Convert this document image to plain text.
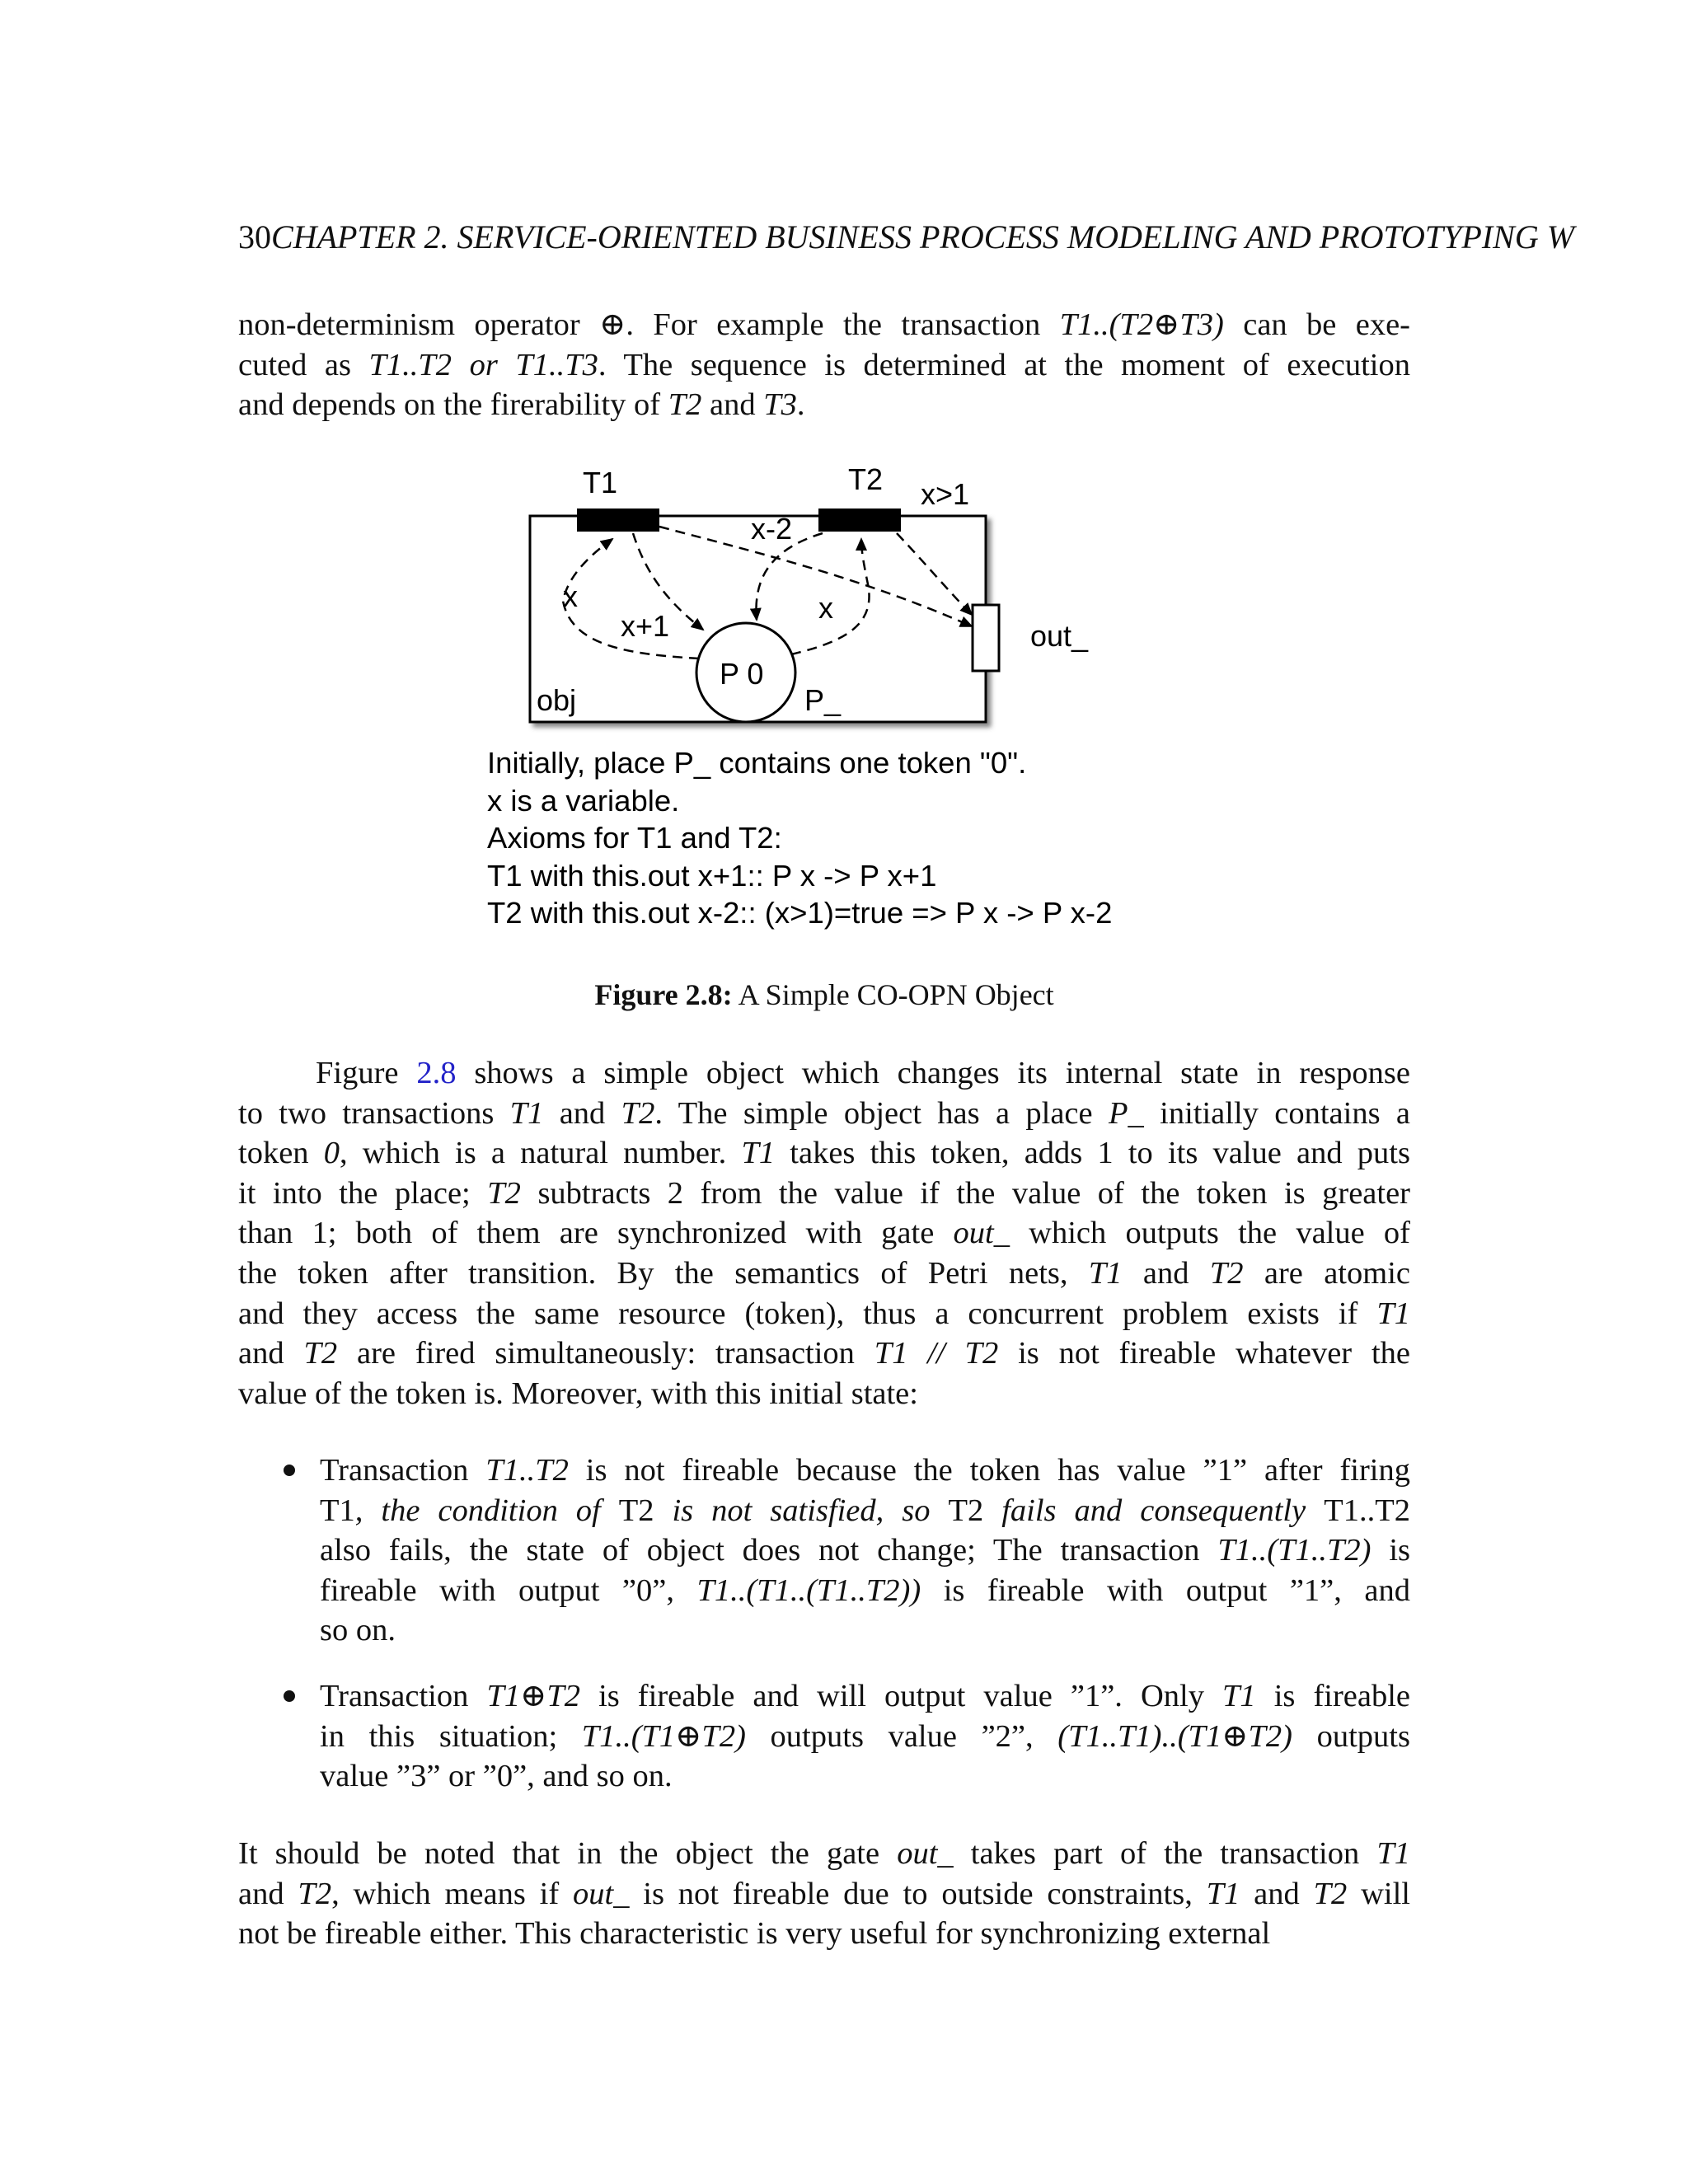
30CHAPTER 2. SERVICE-ORIENTED BUSINESS PROCESS MODELING AND PROTOTYPING W
non-determinism operator ⊕. For example the transaction T1..(T2⊕T3) can be exe-
cuted as T1..T2 or T1..T3. The sequence is determined at the moment of execution
and depends on the firerability of T2 and T3.
T1	T2 x>1
x-2
x
x+1
x
P 0
P_
obj
out_
Initially, place P_ contains one token "0".
x is a variable.
Axioms for T1 and T2:
T1 with this.out x+1:: P x -> P x+1
T2 with this.out x-2:: (x>1)=true => P x -> P x-2
Figure 2.8: A Simple CO-OPN Object
Figure 2.8 shows a simple object which changes its internal state in response
to two transactions T1 and T2. The simple object has a place P_ initially contains a
token 0, which is a natural number. T1 takes this token, adds 1 to its value and puts
it into the place; T2 subtracts 2 from the value if the value of the token is greater
than 1; both of them are synchronized with gate out_ which outputs the value of
the token after transition. By the semantics of Petri nets, T1 and T2 are atomic
and they access the same resource (token), thus a concurrent problem exists if T1
and T2 are fired simultaneously: transaction T1 // T2 is not fireable whatever the
value of the token is. Moreover, with this initial state:
Transaction T1..T2 is not fireable because the token has value ”1” after firing
T1, the condition of T2 is not satisfied, so T2 fails and consequently T1..T2
also fails, the state of object does not change; The transaction T1..(T1..T2) is
fireable with output ”0”, T1..(T1..(T1..T2)) is fireable with output ”1”, and
so on.
Transaction T1⊕T2 is fireable and will output value ”1”. Only T1 is fireable
in this situation; T1..(T1⊕T2) outputs value ”2”, (T1..T1)..(T1⊕T2) outputs
value ”3” or ”0”, and so on.
It should be noted that in the object the gate out_ takes part of the transaction T1
and T2, which means if out_ is not fireable due to outside constraints, T1 and T2 will
not be fireable either. This characteristic is very useful for synchronizing external
